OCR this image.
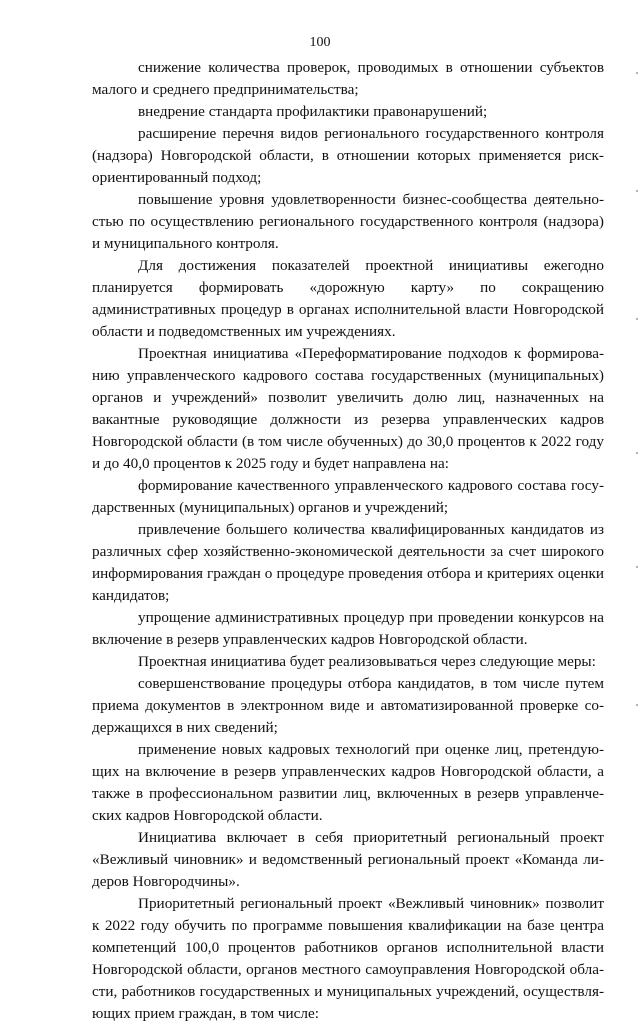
100

снижение количества проверок, проводимых в отношении субъектов малого и среднего предпринимательства;

внедрение стандарта профилактики правонарушений;

расширение перечня видов регионального государственного контроля (надзора) Новгородской области, в отношении которых применяется риск-ориентированный подход;

повышение уровня удовлетворенности бизнес-сообщества деятельностью по осуществлению регионального государственного контроля (надзора) и муниципального контроля.

Для достижения показателей проектной инициативы ежегодно планируется формировать «дорожную карту» по сокращению административных процедур в органах исполнительной власти Новгородской области и подведомственных им учреждениях.

Проектная инициатива «Переформатирование подходов к формированию управленческого кадрового состава государственных (муниципальных) органов и учреждений» позволит увеличить долю лиц, назначенных на вакантные руководящие должности из резерва управленческих кадров Новгородской области (в том числе обученных) до 30,0 процентов к 2022 году и до 40,0 процентов к 2025 году и будет направлена на:

формирование качественного управленческого кадрового состава государственных (муниципальных) органов и учреждений;

привлечение большего количества квалифицированных кандидатов из различных сфер хозяйственно-экономической деятельности за счет широкого информирования граждан о процедуре проведения отбора и критериях оценки кандидатов;

упрощение административных процедур при проведении конкурсов на включение в резерв управленческих кадров Новгородской области.

Проектная инициатива будет реализовываться через следующие меры:

совершенствование процедуры отбора кандидатов, в том числе путем приема документов в электронном виде и автоматизированной проверке содержащихся в них сведений;

применение новых кадровых технологий при оценке лиц, претендующих на включение в резерв управленческих кадров Новгородской области, а также в профессиональном развитии лиц, включенных в резерв управленческих кадров Новгородской области.

Инициатива включает в себя приоритетный региональный проект «Вежливый чиновник» и ведомственный региональный проект «Команда лидеров Новгородчины».

Приоритетный региональный проект «Вежливый чиновник» позволит к 2022 году обучить по программе повышения квалификации на базе центра компетенций 100,0 процентов работников органов исполнительной власти Новгородской области, органов местного самоуправления Новгородской области, работников государственных и муниципальных учреждений, осуществляющих прием граждан, в том числе:
